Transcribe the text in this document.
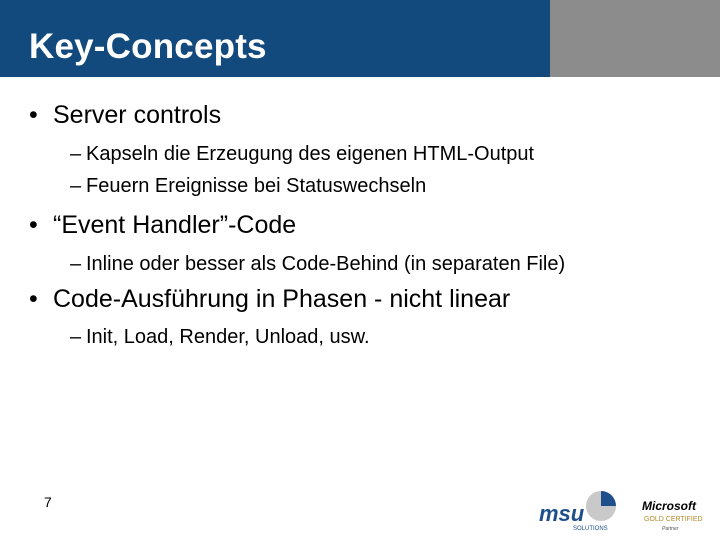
Key-Concepts
• Server controls
– Kapseln die Erzeugung des eigenen HTML-Output
– Feuern Ereignisse bei Statuswechseln
• “Event Handler”-Code
– Inline oder besser als Code-Behind (in separaten File)
• Code-Ausführung in Phasen - nicht linear
– Init, Load, Render, Unload, usw.
7	msu
SOLUTIONS
Microsoft
GOLD CERTIFIED
Partner
